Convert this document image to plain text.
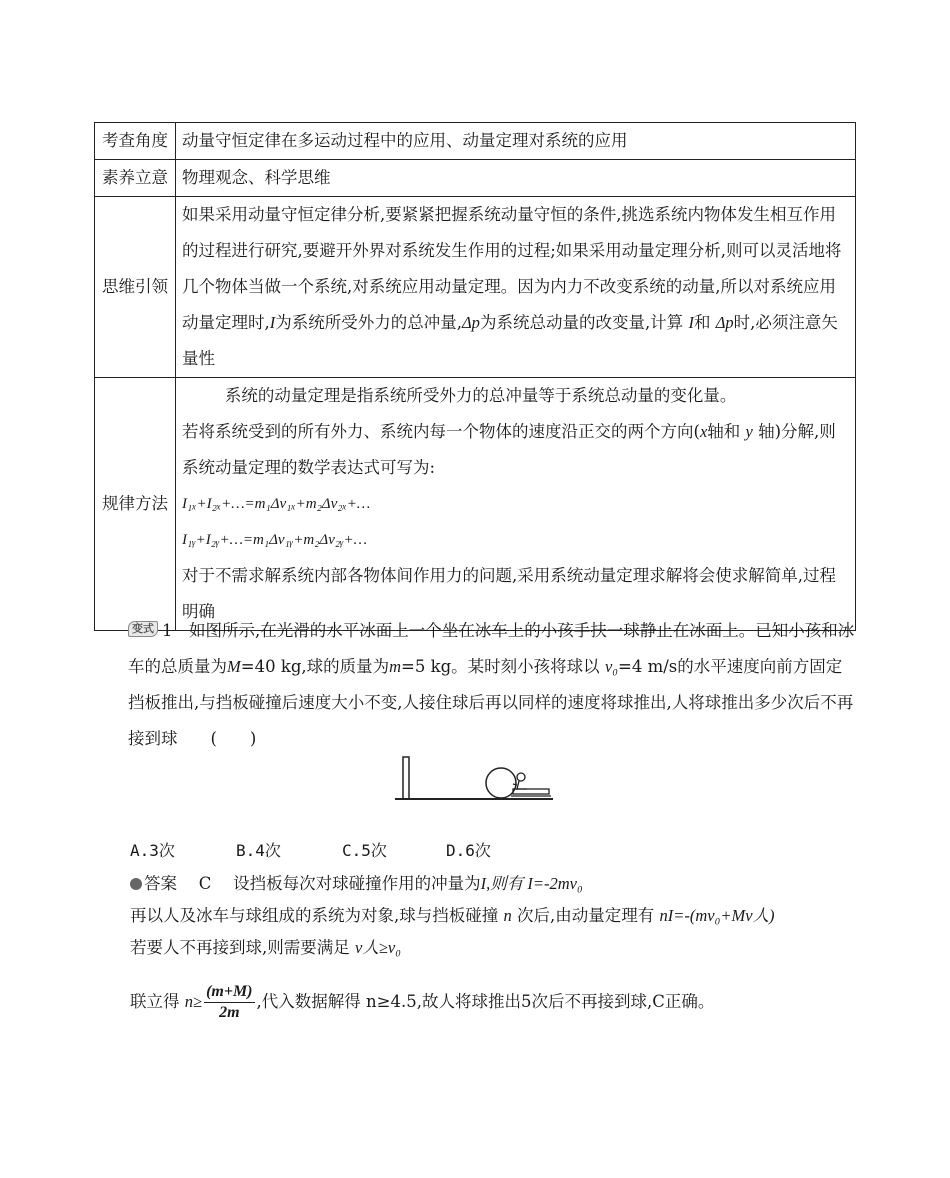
考查角度	动量守恒定律在多运动过程中的应用、动量定理对系统的应用
素养立意	物理观念、科学思维
思维引领	如果采用动量守恒定律分析,要紧紧把握系统动量守恒的条件,挑选系统内物体发生相互作用的过程进行研究,要避开外界对系统发生作用的过程;如果采用动量定理分析,则可以灵活地将几个物体当做一个系统,对系统应用动量定理。因为内力不改变系统的动量,所以对系统应用动量定理时,I为系统所受外力的总冲量,Δp为系统总动量的改变量,计算 I和 Δp时,必须注意矢量性
规律方法	系统的动量定理是指系统所受外力的总冲量等于系统总动量的变化量。
若将系统受到的所有外力、系统内每一个物体的速度沿正交的两个方向(x轴和 y 轴)分解,则系统动量定理的数学表达式可写为:
I₁ₓ+I₂ₓ+…=m₁Δv₁ₓ+m₂Δv₂ₓ+…
I₁ᵧ+I₂ᵧ+…=m₁Δv₁ᵧ+m₂Δv₂ᵧ+…
对于不需求解系统内部各物体间作用力的问题,采用系统动量定理求解将会使求解简单,过程明确
变式 1　 如图所示,在光滑的水平冰面上一个坐在冰车上的小孩手扶一球静止在冰面上。已知小孩和冰车的总质量为M=40 kg,球的质量为m=5 kg。某时刻小孩将球以 v₀=4 m/s的水平速度向前方固定挡板推出,与挡板碰撞后速度大小不变,人接住球后再以同样的速度将球推出,人将球推出多少次后不再接到球　　 (　　)
A.3次	B.4次	C.5次	D.6次
答案　 C　 设挡板每次对球碰撞作用的冲量为I,则有 I=-2mv₀
再以人及冰车与球组成的系统为对象,球与挡板碰撞 n 次后,由动量定理有 nI=-(mv₀+Mv人)
若要人不再接到球,则需要满足 v人≥v₀
联立得 $n\ge \frac{(m+M)}{2m}$ ,代入数据解得 n≥4.5,故人将球推出5次后不再接到球,C正确。
